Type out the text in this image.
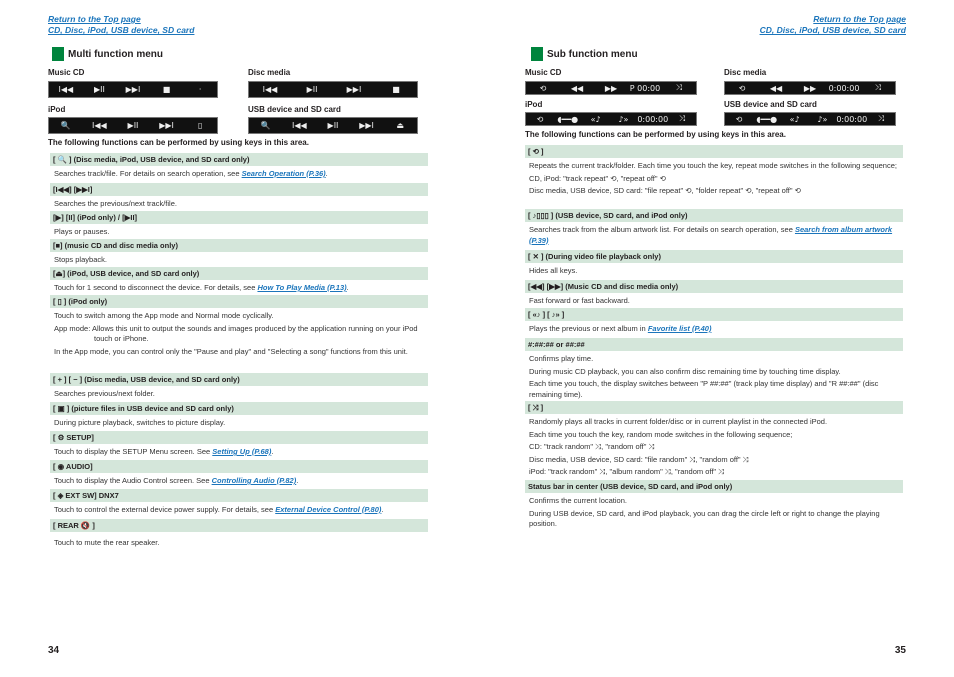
Return to the Top page
CD, Disc, iPod, USB device, SD card
Multi function menu
Music CD	Disc media
I◀◀	▶II	▶▶I	■	·	I◀◀	▶II	▶▶I	■
iPod	USB device and SD card
🔍	I◀◀	▶II	▶▶I	▯	🔍	I◀◀	▶II	▶▶I	⏏
The following functions can be performed by using keys in this area.
[ 🔍 ] (Disc media, iPod, USB device, and SD card only)
Searches track/file. For details on search operation, see Search Operation (P.36).
[I◀◀] [▶▶I]
Searches the previous/next track/file.
[▶] [II] (iPod only) / [▶II]
Plays or pauses.
[■] (music CD and disc media only)
Stops playback.
[⏏] (iPod, USB device, and SD card only)
Touch for 1 second to disconnect the device. For details, see How To Play Media (P.13).
[ ▯ ] (iPod only)
Touch to switch among the App mode and Normal mode cyclically.
App mode: Allows this unit to output the sounds and images produced by the application running on your iPod touch or iPhone.
In the App mode, you can control only the "Pause and play" and "Selecting a song" functions from this unit.
[ + ] [ − ] (Disc media, USB device, and SD card only)
Searches previous/next folder.
[ ▣ ] (picture files in USB device and SD card only)
During picture playback, switches to picture display.
[ ⚙ SETUP]
Touch to display the SETUP Menu screen. See Setting Up (P.68).
[ ◉ AUDIO]
Touch to display the Audio Control screen. See Controlling Audio (P.82).
[ ◈ EXT SW] DNX7
Touch to control the external device power supply. For details, see External Device Control (P.80).
[ REAR 🔇 ]
Touch to mute the rear speaker.
34
Return to the Top page
CD, Disc, iPod, USB device, SD card
Sub function menu
Music CD	Disc media
⟲	◀◀	▶▶	P 00:00	⤨	⟲	◀◀	▶▶	0:00:00	⤨
iPod	USB device and SD card
⟲	◖━━●	«♪	♪»	0:00:00	⤨	⟲	◖━━●	«♪	♪»	0:00:00	⤨
The following functions can be performed by using keys in this area.
[ ⟲ ]
Repeats the current track/folder. Each time you touch the key, repeat mode switches in the following sequence;
CD, iPod: "track repeat" ⟲, "repeat off" ⟲
Disc media, USB device, SD card: "file repeat" ⟲, "folder repeat" ⟲, "repeat off" ⟲
[ ♪▯▯▯ ] (USB device, SD card, and iPod only)
Searches track from the album artwork list. For details on search operation, see Search from album artwork (P.39)
[ ✕ ] (During video file playback only)
Hides all keys.
[◀◀] [▶▶] (Music CD and disc media only)
Fast forward or fast backward.
[ «♪ ] [ ♪» ]
Plays the previous or next album in Favorite list (P.40)
#:##:## or ##:##
Confirms play time.
During music CD playback, you can also confirm disc remaining time by touching time display.
Each time you touch, the display switches between "P ##:##" (track play time display) and "R ##:##" (disc remaining time).
[ ⤨ ]
Randomly plays all tracks in current folder/disc or in current playlist in the connected iPod.
Each time you touch the key, random mode switches in the following sequence;
CD: "track random" ⤨, "random off" ⤨
Disc media, USB device, SD card: "file random" ⤨, "random off" ⤨
iPod: "track random" ⤨, "album random" ⤨, "random off" ⤨
Status bar in center (USB device, SD card, and iPod only)
Confirms the current location.
During USB device, SD card, and iPod playback, you can drag the circle left or right to change the playing position.
35
